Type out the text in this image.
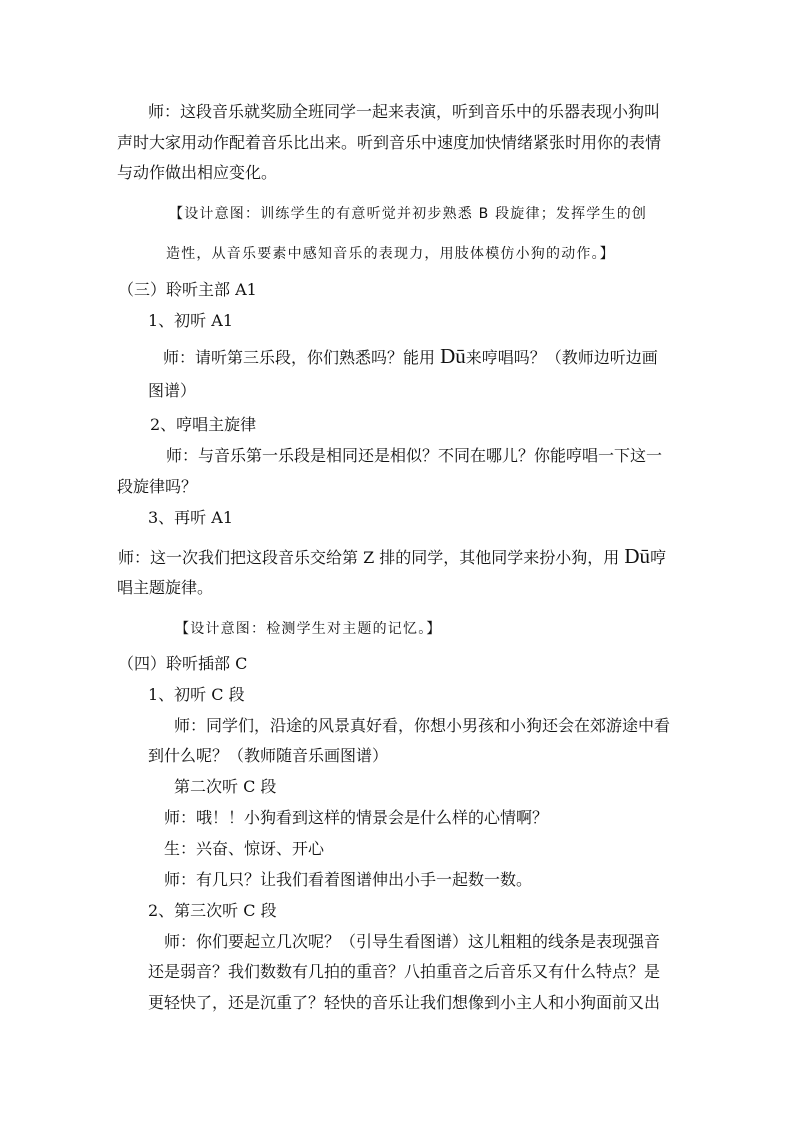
师：这段音乐就奖励全班同学一起来表演，听到音乐中的乐器表现小狗叫
声时大家用动作配着音乐比出来。听到音乐中速度加快情绪紧张时用你的表情
与动作做出相应变化。
【设计意图：训练学生的有意听觉并初步熟悉 B 段旋律；发挥学生的创
造性，从音乐要素中感知音乐的表现力，用肢体模仿小狗的动作。】
（三）聆听主部 A1
1、初听 A1
师：请听第三乐段，你们熟悉吗？能用 Dū来哼唱吗？（教师边听边画
图谱）
2、哼唱主旋律
师：与音乐第一乐段是相同还是相似？不同在哪儿？你能哼唱一下这一
段旋律吗？
3、再听 A1
师：这一次我们把这段音乐交给第 Z 排的同学，其他同学来扮小狗，用 Dū哼
唱主题旋律。
【设计意图：检测学生对主题的记忆。】
（四）聆听插部 C
1、初听 C 段
师：同学们，沿途的风景真好看，你想小男孩和小狗还会在郊游途中看
到什么呢？（教师随音乐画图谱）
第二次听 C 段
师：哦！！小狗看到这样的情景会是什么样的心情啊？
生：兴奋、惊讶、开心
师：有几只？让我们看着图谱伸出小手一起数一数。
2、第三次听 C 段
师：你们要起立几次呢？（引导生看图谱）这儿粗粗的线条是表现强音
还是弱音？我们数数有几拍的重音？八拍重音之后音乐又有什么特点？是
更轻快了，还是沉重了？轻快的音乐让我们想像到小主人和小狗面前又出
